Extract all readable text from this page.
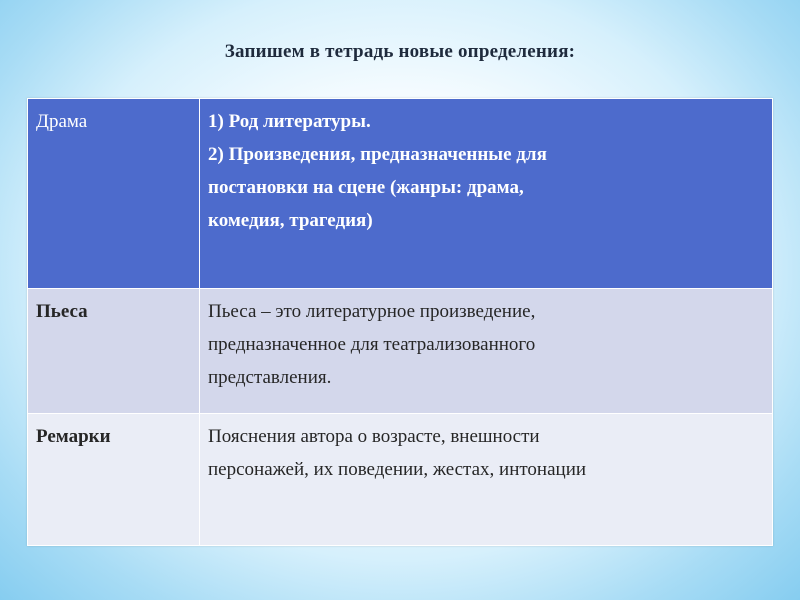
Запишем в тетрадь новые определения:
Драма	1) Род литературы.
2) Произведения, предназначенные для
постановки на сцене (жанры: драма,
комедия, трагедия)

Пьеса	Пьеса – это литературное произведение,
предназначенное для театрализованного
представления.

Ремарки	Пояснения автора о возрасте, внешности
персонажей, их поведении, жестах, интонации
